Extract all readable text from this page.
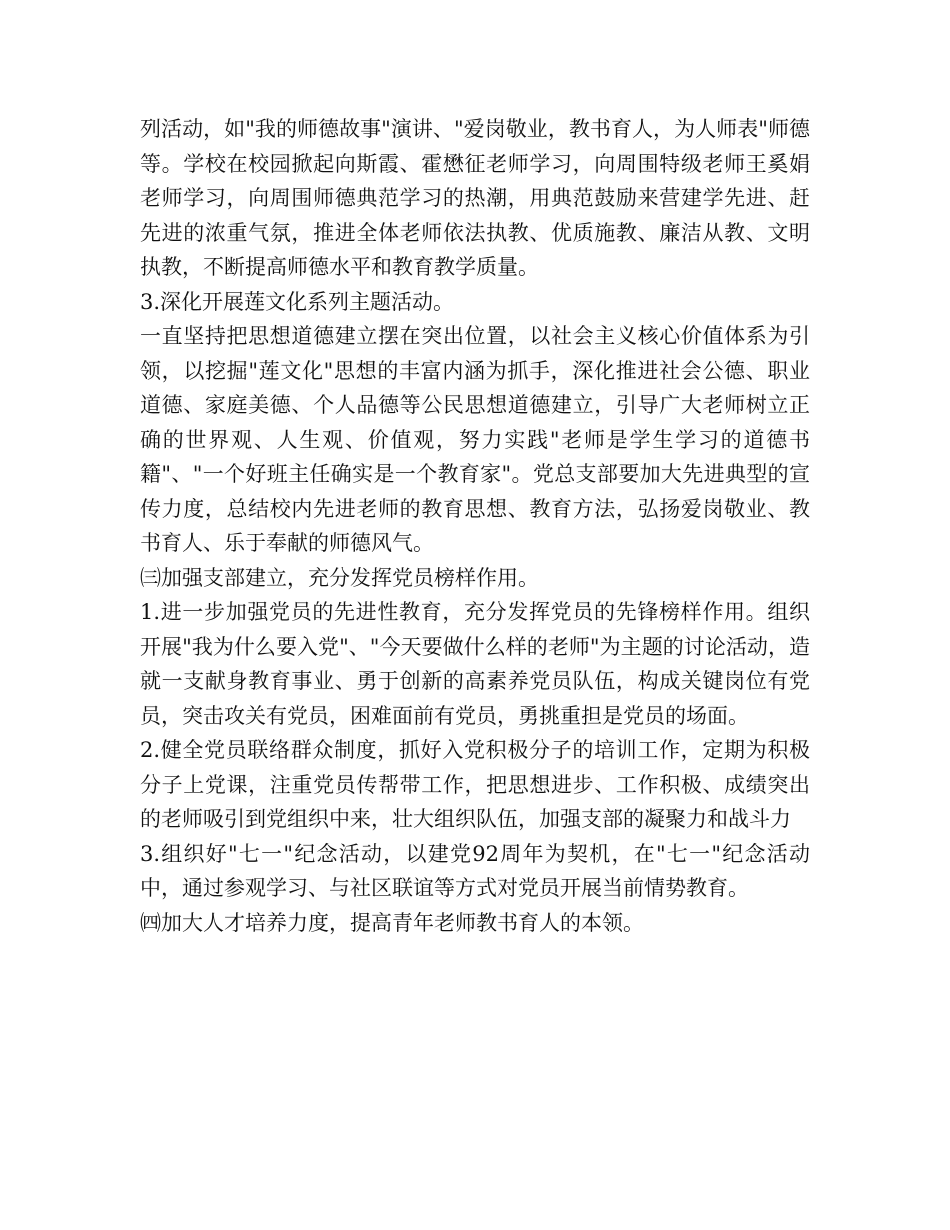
列活动，如"我的师德故事"演讲、"爱岗敬业，教书育人，为人师表"师德等。学校在校园掀起向斯霞、霍懋征老师学习，向周围特级老师王奚娟老师学习，向周围师德典范学习的热潮，用典范鼓励来营建学先进、赶先进的浓重气氛，推进全体老师依法执教、优质施教、廉洁从教、文明执教，不断提高师德水平和教育教学质量。

3.深化开展莲文化系列主题活动。

一直坚持把思想道德建立摆在突出位置，以社会主义核心价值体系为引领，以挖掘"莲文化"思想的丰富内涵为抓手，深化推进社会公德、职业道德、家庭美德、个人品德等公民思想道德建立，引导广大老师树立正确的世界观、人生观、价值观，努力实践"老师是学生学习的道德书籍"、"一个好班主任确实是一个教育家"。党总支部要加大先进典型的宣传力度，总结校内先进老师的教育思想、教育方法，弘扬爱岗敬业、教书育人、乐于奉献的师德风气。

㈢加强支部建立，充分发挥党员榜样作用。

1.进一步加强党员的先进性教育，充分发挥党员的先锋榜样作用。组织开展"我为什么要入党"、"今天要做什么样的老师"为主题的讨论活动，造就一支献身教育事业、勇于创新的高素养党员队伍，构成关键岗位有党员，突击攻关有党员，困难面前有党员，勇挑重担是党员的场面。

2.健全党员联络群众制度，抓好入党积极分子的培训工作，定期为积极分子上党课，注重党员传帮带工作，把思想进步、工作积极、成绩突出的老师吸引到党组织中来，壮大组织队伍，加强支部的凝聚力和战斗力

3.组织好"七一"纪念活动，以建党92周年为契机，在"七一"纪念活动中，通过参观学习、与社区联谊等方式对党员开展当前情势教育。

㈣加大人才培养力度，提高青年老师教书育人的本领。
